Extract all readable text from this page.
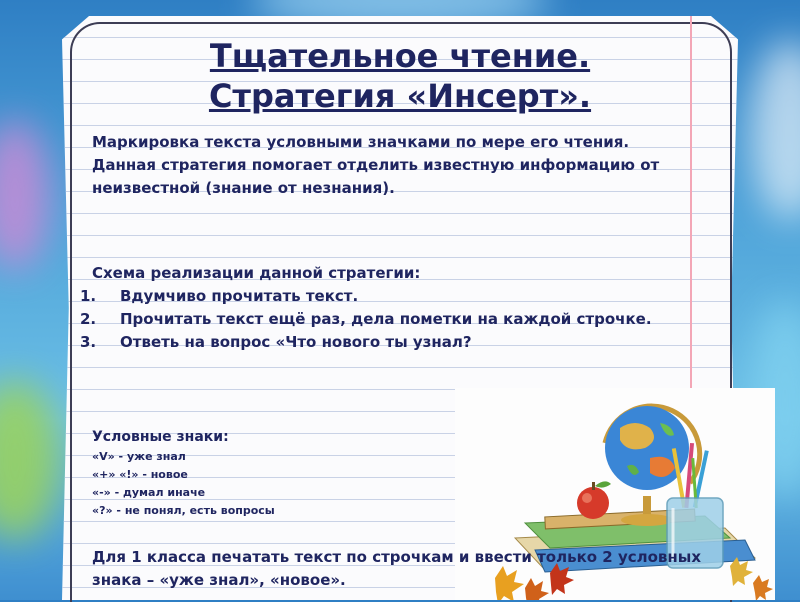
Тщательное чтение.
Стратегия «Инсерт».

Маркировка текста условными значками по мере его чтения.

Данная стратегия помогает отделить известную информацию от неизвестной (знание от незнания).

Схема реализации данной стратегии:

1. Вдумчиво прочитать текст.
2. Прочитать текст ещё раз, дела пометки на каждой строчке.
3. Ответь на вопрос «Что нового ты узнал?

Условные знаки:

«V» - уже знал

«+» «!» - новое

«-» - думал иначе

«?» - не понял, есть вопросы

Для 1 класса печатать текст по строчкам и ввести только 2 условных знака – «уже знал», «новое».
